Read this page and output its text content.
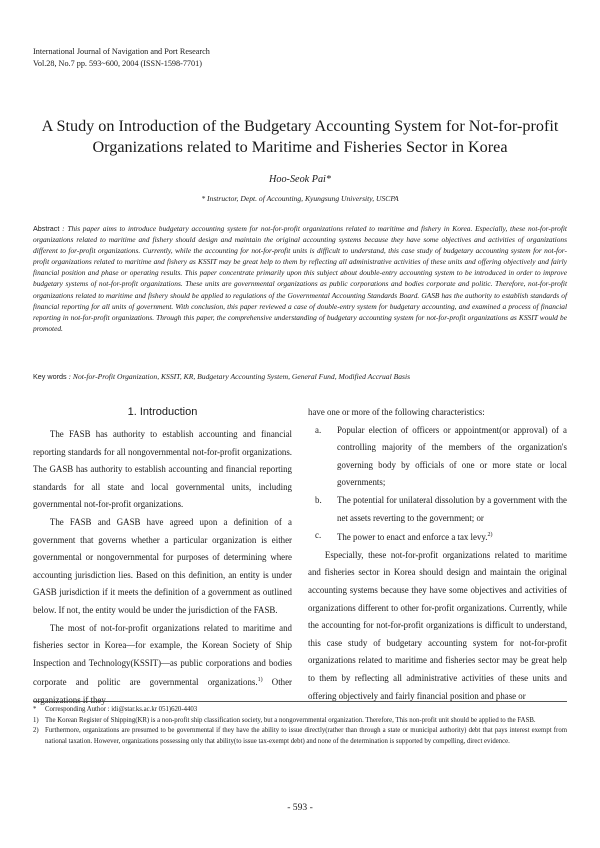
International Journal of Navigation and Port Research
Vol.28, No.7 pp. 593~600, 2004 (ISSN-1598-7701)
A Study on Introduction of the Budgetary Accounting System for Not-for-profit
Organizations related to Maritime and Fisheries Sector in Korea
Hoo-Seok Pai*
* Instructor, Dept. of Accounting, Kyungsung University, USCPA
Abstract : This paper aims to introduce budgetary accounting system for not-for-profit organizations related to maritime and fishery in Korea. Especially, these not-for-profit organizations related to maritime and fishery should design and maintain the original accounting systems because they have some objectives and activities of organizations different to for-profit organizations. Currently, while the accounting for not-for-profit units is difficult to understand, this case study of budgetary accounting system for not-for-profit organizations related to maritime and fishery as KSSIT may be great help to them by reflecting all administrative activities of these units and offering objectively and fairly financial position and phase or operating results. This paper concentrate primarily upon this subject about double-entry accounting system to be introduced in order to improve budgetary systems of not-for-profit organizations. These units are governmental organizations as public corporations and bodies corporate and politic. Therefore, not-for-profit organizations related to maritime and fishery should be applied to regulations of the Governmental Accounting Standards Board. GASB has the authority to establish standards of financial reporting for all units of government. With conclusion, this paper reviewed a case of double-entry system for budgetary accounting, and examined a process of financial reporting in not-for-profit organizations. Through this paper, the comprehensive understanding of budgetary accounting system for not-for-profit organizations as KSSIT would be promoted.
Key words : Not-for-Profit Organization, KSSIT, KR, Budgetary Accounting System, General Fund, Modified Accrual Basis
1. Introduction

The FASB has authority to establish accounting and financial reporting standards for all nongovernmental not-for-profit organizations. The GASB has authority to establish accounting and financial reporting standards for all state and local governmental units, including governmental not-for-profit organizations.

The FASB and GASB have agreed upon a definition of a government that governs whether a particular organization is either governmental or nongovernmental for purposes of determining where accounting jurisdiction lies. Based on this definition, an entity is under GASB jurisdiction if it meets the definition of a government as outlined below. If not, the entity would be under the jurisdiction of the FASB.

The most of not-for-profit organizations related to maritime and fisheries sector in Korea—for example, the Korean Society of Ship Inspection and Technology(KSSIT)—as public corporations and bodies corporate and politic are governmental organizations.$^{1)}$ Other organizations if they

have one or more of the following characteristics:

a.	Popular election of officers or appointment(or approval) of a controlling majority of the members of the organization's governing body by officials of one or more state or local governments;
b.	The potential for unilateral dissolution by a government with the net assets reverting to the government; or
c.	The power to enact and enforce a tax levy.$^{2)}$

Especially, these not-for-profit organizations related to maritime and fisheries sector in Korea should design and maintain the original accounting systems because they have some objectives and activities of organizations different to other for-profit organizations. Currently, while the accounting for not-for-profit organizations is difficult to understand, this case study of budgetary accounting system for not-for-profit organizations related to maritime and fisheries sector may be great help to them by reflecting all administrative activities of these units and offering objectively and fairly financial position and phase or

*	Corresponding Author : idi@star.ks.ac.kr 051)620-4403
1) The Korean Register of Shipping(KR) is a non-profit ship classification society, but a nongovernmental organization. Therefore, This non-profit unit should be applied to the FASB.
2) Furthermore, organizations are presumed to be governmental if they have the ability to issue directly(rather than through a state or municipal authority) debt that pays interest exempt from national taxation. However, organizations possessing only that ability(to issue tax-exempt debt) and none of the determination is supported by compelling, direct evidence.
- 593 -
